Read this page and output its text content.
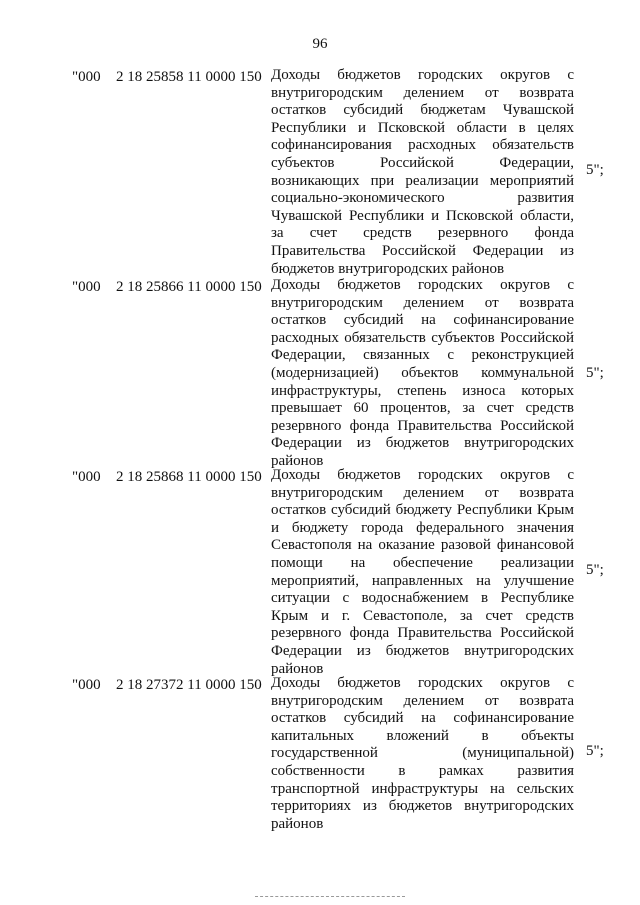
96
"000 2 18 25858 11 0000 150 Доходы бюджетов городских округов с внутригородским делением от возврата остатков субсидий бюджетам Чувашской Республики и Псковской области в целях софинансирования расходных обязательств субъектов Российской Федерации, возникающих при реализации мероприятий социально-экономического развития Чувашской Республики и Псковской области, за счет средств резервного фонда Правительства Российской Федерации из бюджетов внутригородских районов
5";
"000 2 18 25866 11 0000 150 Доходы бюджетов городских округов с внутригородским делением от возврата остатков субсидий на софинансирование расходных обязательств субъектов Российской Федерации, связанных с реконструкцией (модернизацией) объектов коммунальной инфраструктуры, степень износа которых превышает 60 процентов, за счет средств резервного фонда Правительства Российской Федерации из бюджетов внутригородских районов
5";
"000 2 18 25868 11 0000 150 Доходы бюджетов городских округов с внутригородским делением от возврата остатков субсидий бюджету Республики Крым и бюджету города федерального значения Севастополя на оказание разовой финансовой помощи на обеспечение реализации мероприятий, направленных на улучшение ситуации с водоснабжением в Республике Крым и г. Севастополе, за счет средств резервного фонда Правительства Российской Федерации из бюджетов внутригородских районов
5";
"000 2 18 27372 11 0000 150 Доходы бюджетов городских округов с внутригородским делением от возврата остатков субсидий на софинансирование капитальных вложений в объекты государственной (муниципальной) собственности в рамках развития транспортной инфраструктуры на сельских территориях из бюджетов внутригородских районов
5";
